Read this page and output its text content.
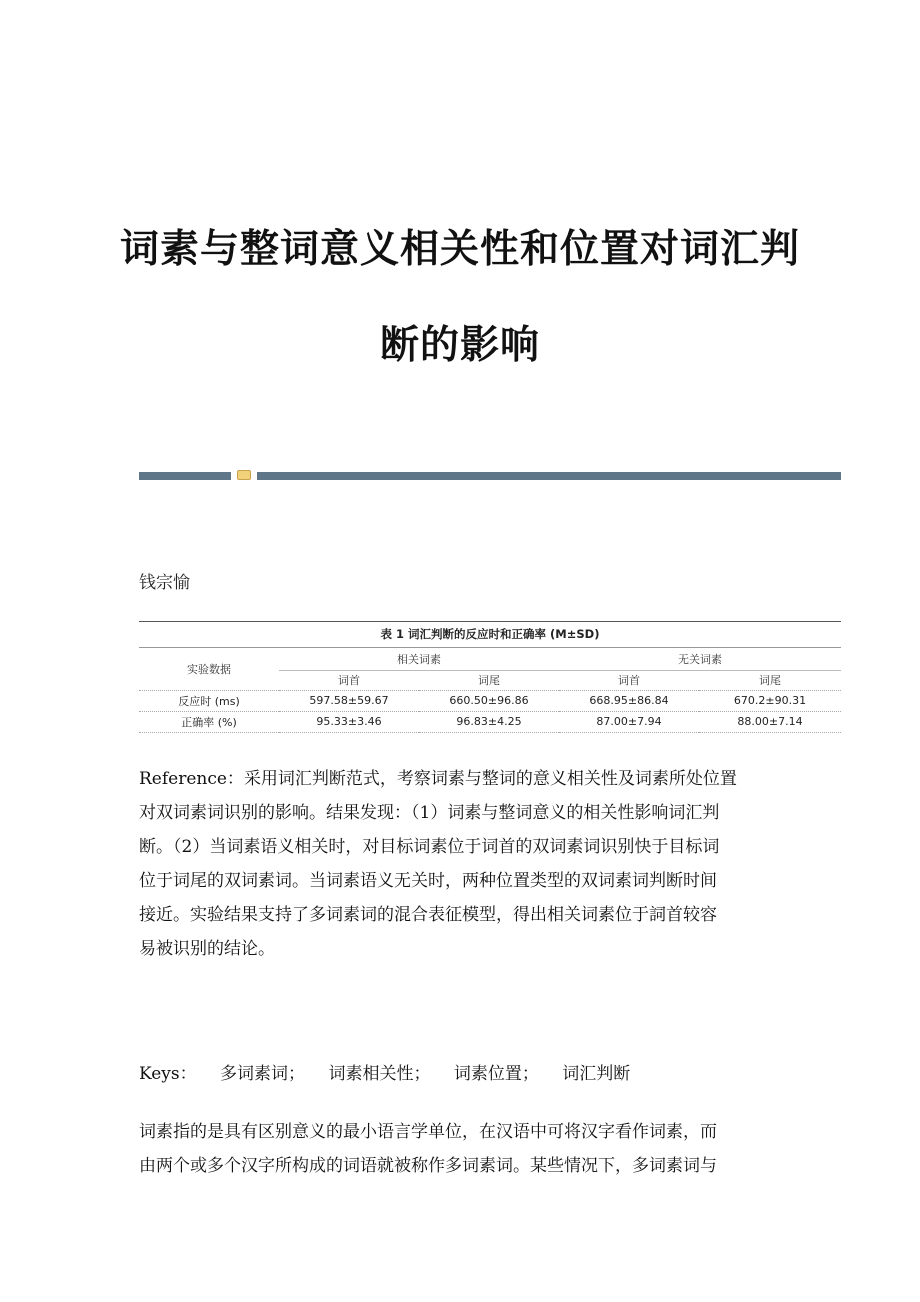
词素与整词意义相关性和位置对词汇判
断的影响
钱宗愉
表 1 词汇判断的反应时和正确率 (M±SD)
实验数据	相关词素		无关词素	
	词首	词尾	词首	词尾
反应时 (ms)	597.58±59.67	660.50±96.86	668.95±86.84	670.2±90.31
正确率 (%)	95.33±3.46	96.83±4.25	87.00±7.94	88.00±7.14
Reference：采用词汇判断范式，考察词素与整词的意义相关性及词素所处位置
对双词素词识别的影响。结果发现：（1）词素与整词意义的相关性影响词汇判
断。（2）当词素语义相关时，对目标词素位于词首的双词素词识别快于目标词
位于词尾的双词素词。当词素语义无关时，两种位置类型的双词素词判断时间
接近。实验结果支持了多词素词的混合表征模型，得出相关词素位于詞首较容
易被识别的结论。
Keys： 多词素词； 词素相关性； 词素位置； 词汇判断
词素指的是具有区别意义的最小语言学单位，在汉语中可将汉字看作词素，而
由两个或多个汉字所构成的词语就被称作多词素词。某些情况下，多词素词与
